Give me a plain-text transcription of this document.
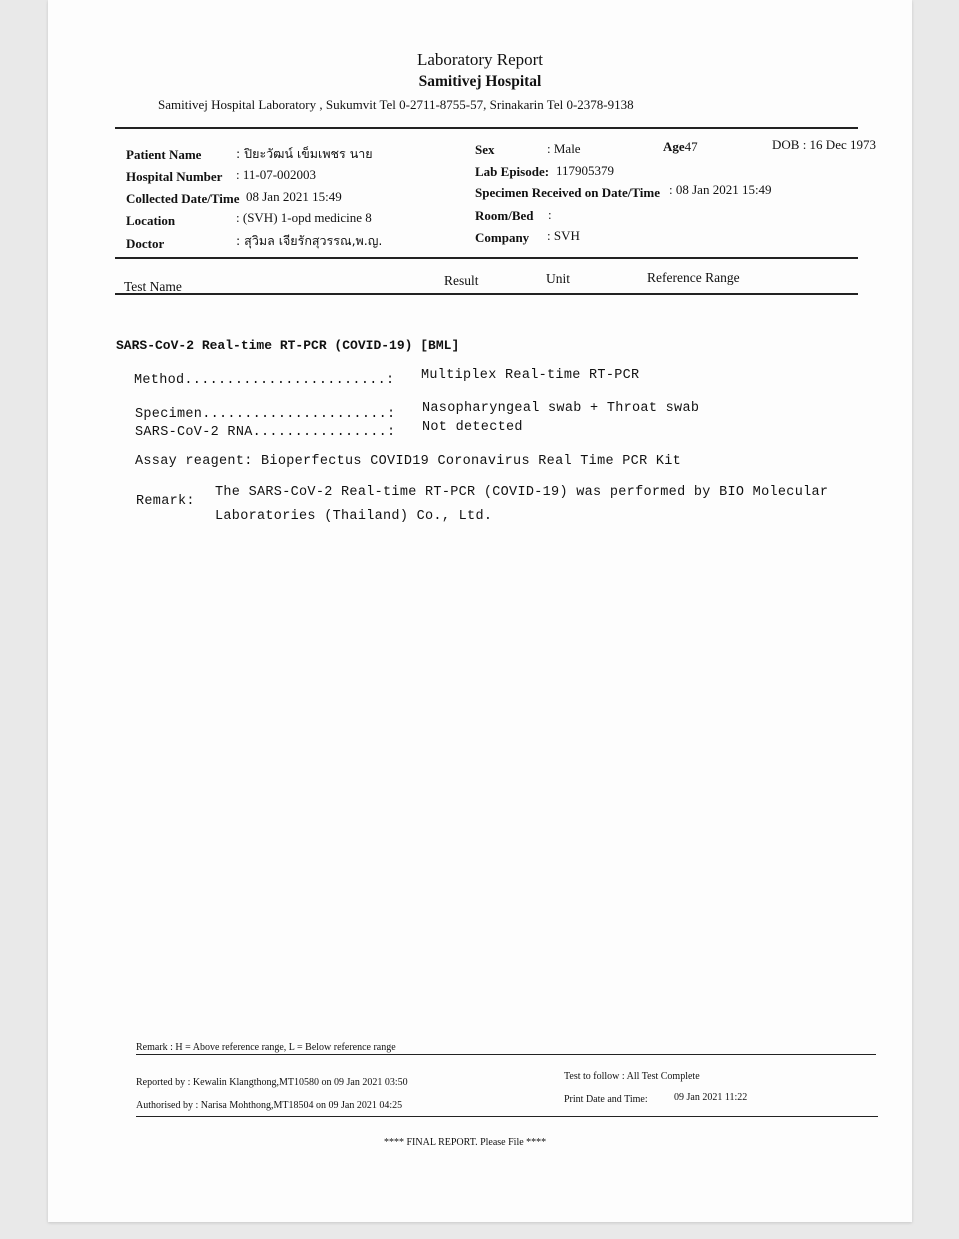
Laboratory Report
Samitivej Hospital
Samitivej Hospital Laboratory , Sukumvit Tel 0-2711-8755-57, Srinakarin Tel 0-2378-9138
Patient Name	: ปิยะวัฒน์ เข็มเพชร นาย
Hospital Number : 11-07-002003
Collected Date/Time 08 Jan 2021 15:49
Location	: (SVH) 1-opd medicine 8
Doctor	: สุวิมล เจียรักสุวรรณ,พ.ญ.
Sex	: Male	Age47	DOB : 16 Dec 1973
Lab Episode: 117905379
Specimen Received on Date/Time : 08 Jan 2021 15:49
Room/Bed :
Company : SVH
Test Name	Result	Unit	Reference Range
SARS-CoV-2 Real-time RT-PCR (COVID-19) [BML]
Method........................: Multiplex Real-time RT-PCR
Specimen......................: Nasopharyngeal swab + Throat swab
SARS-CoV-2 RNA................: Not detected
Assay reagent: Bioperfectus COVID19 Coronavirus Real Time PCR Kit
Remark:
The SARS-CoV-2 Real-time RT-PCR (COVID-19) was performed by BIO Molecular
Laboratories (Thailand) Co., Ltd.
Remark : H = Above reference range, L = Below reference range
Reported by : Kewalin Klangthong,MT10580 on 09 Jan 2021 03:50
Authorised by : Narisa Mohthong,MT18504 on 09 Jan 2021 04:25
Test to follow : All Test Complete
Print Date and Time:	09 Jan 2021 11:22
**** FINAL REPORT. Please File ****
